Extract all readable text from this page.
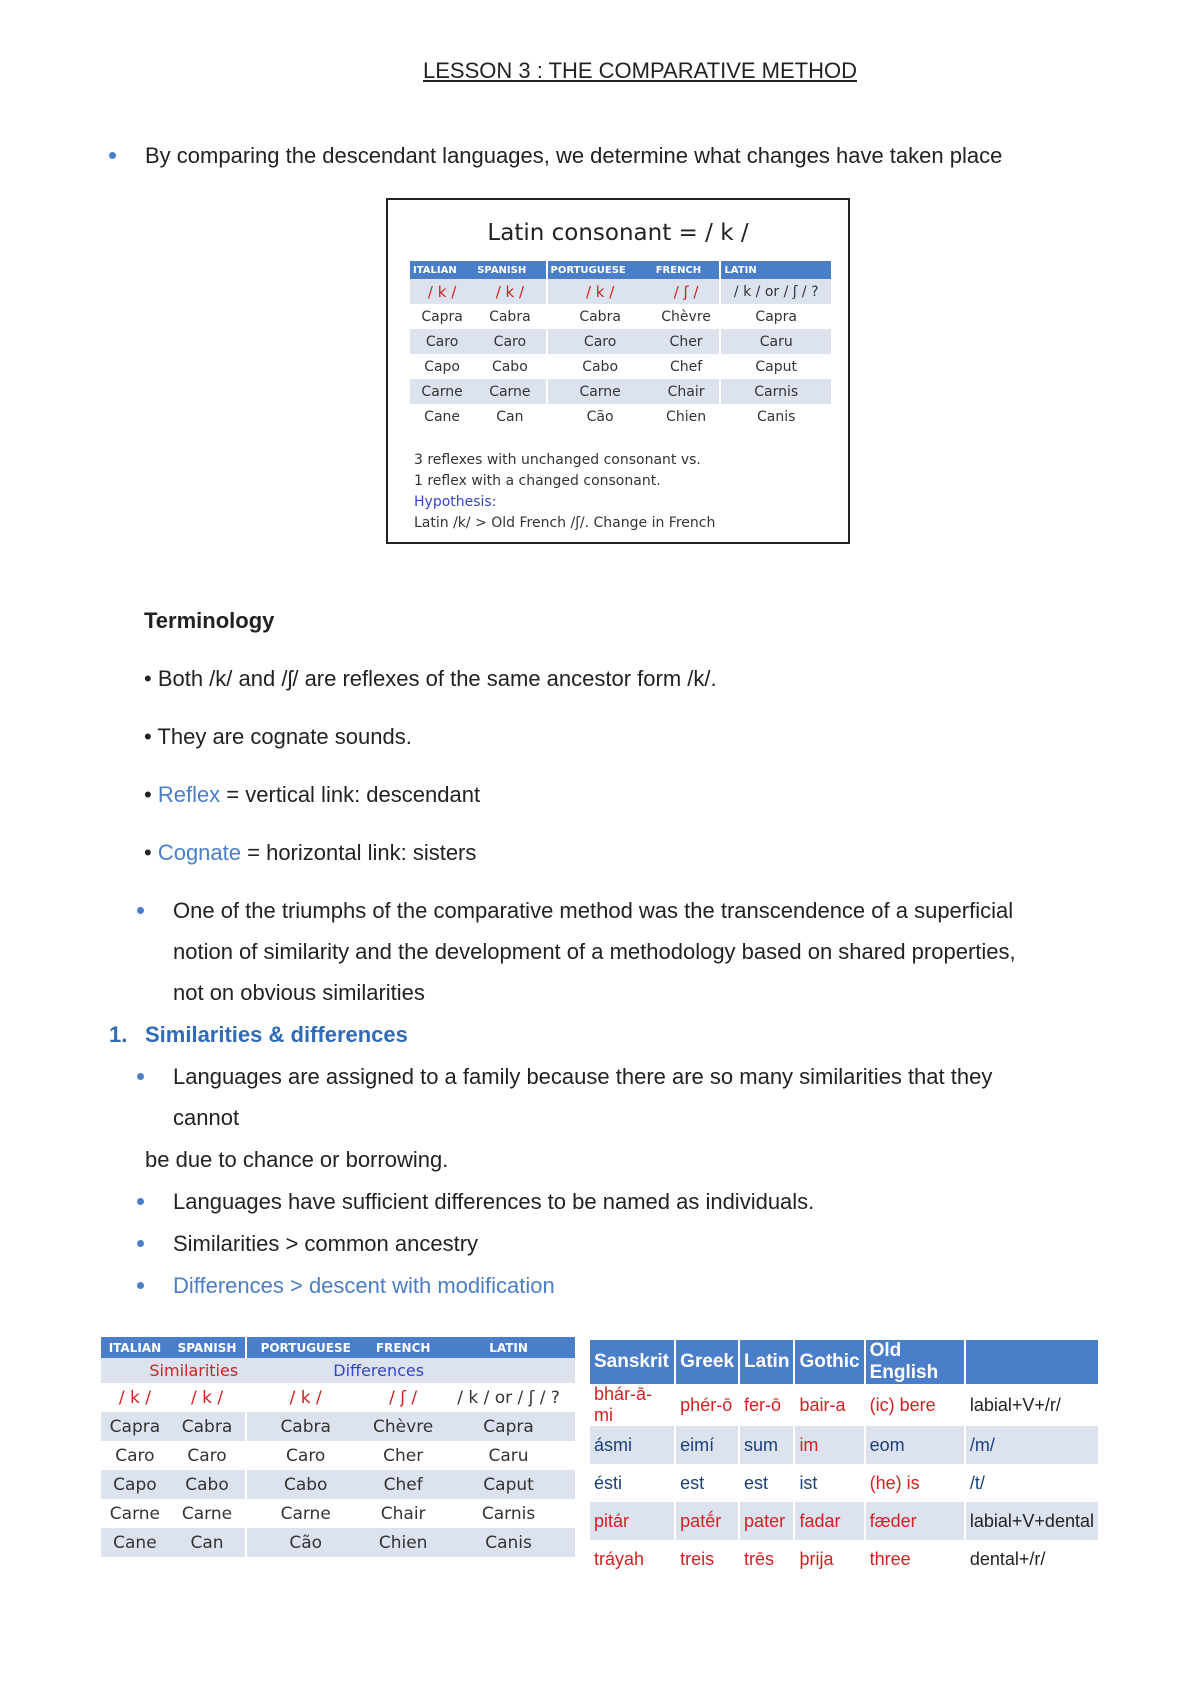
LESSON 3 : THE COMPARATIVE METHOD
By comparing the descendant languages, we determine what changes have taken place
Latin consonant = / k /
ITALIAN	SPANISH	PORTUGUESE	FRENCH	LATIN
/ k /	/ k /	/ k /	/ ʃ /	/ k / or / ʃ / ?
Capra	Cabra	Cabra	Chèvre	Capra
Caro	Caro	Caro	Cher	Caru
Capo	Cabo	Cabo	Chef	Caput
Carne	Carne	Carne	Chair	Carnis
Cane	Can	Cão	Chien	Canis
3 reflexes with unchanged consonant vs.
1 reflex with a changed consonant.
Hypothesis:
Latin /k/ > Old French /ʃ/. Change in French
Terminology
• Both /k/ and /ʃ/ are reflexes of the same ancestor form /k/.
• They are cognate sounds.
• Reflex = vertical link: descendant
• Cognate = horizontal link: sisters
One of the triumphs of the comparative method was the transcendence of a superficial
notion of similarity and the development of a methodology based on shared properties,
not on obvious similarities
1. Similarities & differences
Languages are assigned to a family because there are so many similarities that they
cannot
be due to chance or borrowing.
Languages have sufficient differences to be named as individuals.
Similarities > common ancestry
Differences > descent with modification
ITALIAN	SPANISH	PORTUGUESE	FRENCH	LATIN
Similarities		Differences		
/ k /	/ k /	/ k /	/ ʃ /	/ k / or / ʃ / ?
Capra	Cabra	Cabra	Chèvre	Capra
Caro	Caro	Caro	Cher	Caru
Capo	Cabo	Cabo	Chef	Caput
Carne	Carne	Carne	Chair	Carnis
Cane	Can	Cão	Chien	Canis
Sanskrit	Greek	Latin	Gothic	Old English	
bhár-ā-mi	phér-ō	fer-ō	bair-a	(ic) bere	labial+V+/r/
ásmi	eimí	sum	im	eom	/m/
ésti	est	est	ist	(he) is	/t/
pitár	patḗr	pater	fadar	fæder	labial+V+dental
tráyah	treis	trēs	þrija	three	dental+/r/
